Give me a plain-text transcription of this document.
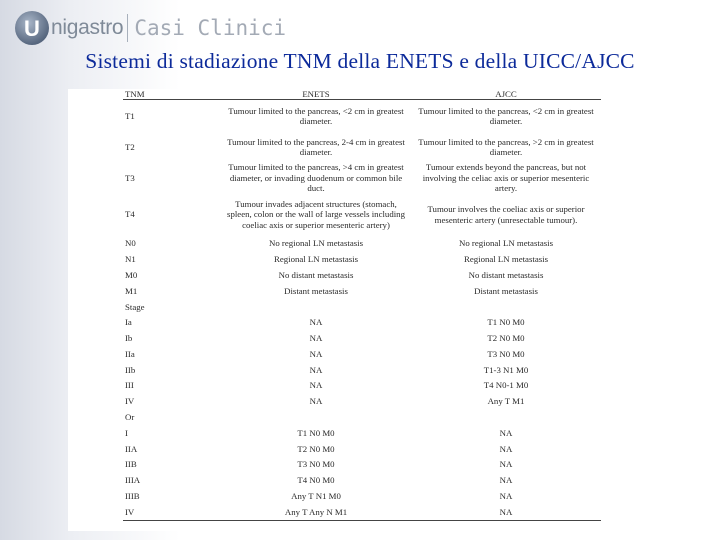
U nigastro Casi Clinici
Sistemi di stadiazione TNM della ENETS e della UICC/AJCC
TNM	ENETS	AJCC
T1	Tumour limited to the pancreas, <2 cm in greatest diameter.	Tumour limited to the pancreas, <2 cm in greatest diameter.
T2	Tumour limited to the pancreas, 2-4 cm in greatest diameter.	Tumour limited to the pancreas, >2 cm in greatest diameter.
T3	Tumour limited to the pancreas, >4 cm in greatest diameter, or invading duodenum or common bile duct.	Tumour extends beyond the pancreas, but not involving the celiac axis or superior mesenteric artery.
T4	Tumour invades adjacent structures (stomach, spleen, colon or the wall of large vessels including coeliac axis or superior mesenteric artery)	Tumour involves the coeliac axis or superior mesenteric artery (unresectable tumour).
N0	No regional LN metastasis	No regional LN metastasis
N1	Regional LN metastasis	Regional LN metastasis
M0	No distant metastasis	No distant metastasis
M1	Distant metastasis	Distant metastasis
Stage		
Ia	NA	T1 N0 M0
Ib	NA	T2 N0 M0
IIa	NA	T3 N0 M0
IIb	NA	T1-3 N1 M0
III	NA	T4 N0-1 M0
IV	NA	Any T M1
Or		
I	T1 N0 M0	NA
IIA	T2 N0 M0	NA
IIB	T3 N0 M0	NA
IIIA	T4 N0 M0	NA
IIIB	Any T N1 M0	NA
IV	Any T Any N M1	NA
